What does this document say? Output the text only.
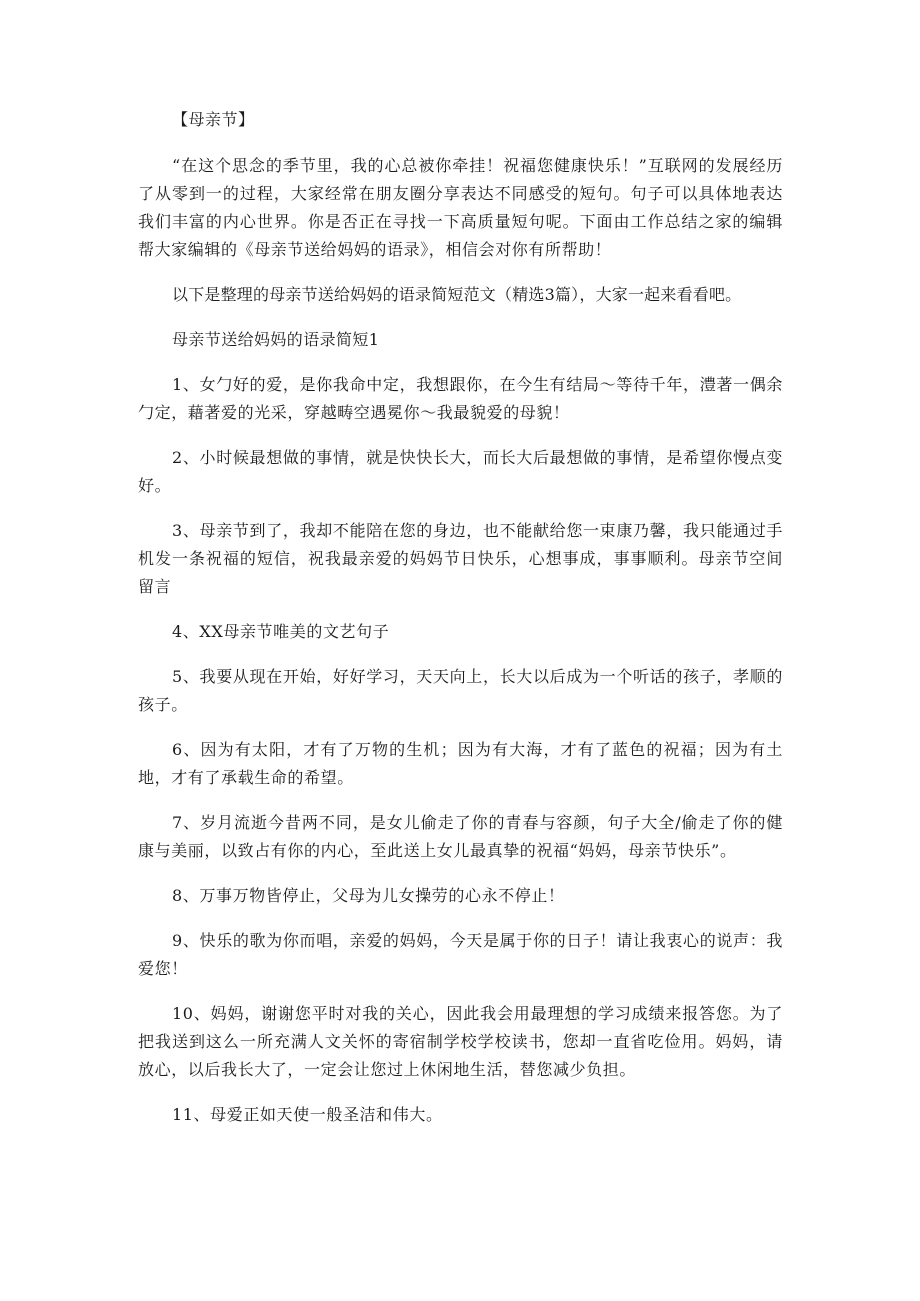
【母亲节】

“在这个思念的季节里，我的心总被你牵挂！祝福您健康快乐！”互联网的发展经历了从零到一的过程，大家经常在朋友圈分享表达不同感受的短句。句子可以具体地表达我们丰富的内心世界。你是否正在寻找一下高质量短句呢。下面由工作总结之家的编辑帮大家编辑的《母亲节送给妈妈的语录》，相信会对你有所帮助！

以下是整理的母亲节送给妈妈的语录简短范文（精选3篇），大家一起来看看吧。

母亲节送给妈妈的语录简短1

1、女勹好的爱，是你我命中定，我想跟你，在今生有结局～等待千年，澧著一偶余勹定，藉著爱的光采，穿越畴空遇冕你～我最貌爱的母貌！

2、小时候最想做的事情，就是快快长大，而长大后最想做的事情，是希望你慢点变好。

3、母亲节到了，我却不能陪在您的身边，也不能献给您一束康乃馨，我只能通过手机发一条祝福的短信，祝我最亲爱的妈妈节日快乐，心想事成，事事顺利。母亲节空间留言

4、XX母亲节唯美的文艺句子

5、我要从现在开始，好好学习，天天向上，长大以后成为一个听话的孩子，孝顺的孩子。

6、因为有太阳，才有了万物的生机；因为有大海，才有了蓝色的祝福；因为有土地，才有了承载生命的希望。

7、岁月流逝今昔两不同，是女儿偷走了你的青春与容颜，句子大全/偷走了你的健康与美丽，以致占有你的内心，至此送上女儿最真挚的祝福“妈妈，母亲节快乐”。

8、万事万物皆停止，父母为儿女操劳的心永不停止！

9、快乐的歌为你而唱，亲爱的妈妈，今天是属于你的日子！请让我衷心的说声：我爱您！

10、妈妈，谢谢您平时对我的关心，因此我会用最理想的学习成绩来报答您。为了把我送到这么一所充满人文关怀的寄宿制学校学校读书，您却一直省吃俭用。妈妈，请放心，以后我长大了，一定会让您过上休闲地生活，替您减少负担。

11、母爱正如天使一般圣洁和伟大。
